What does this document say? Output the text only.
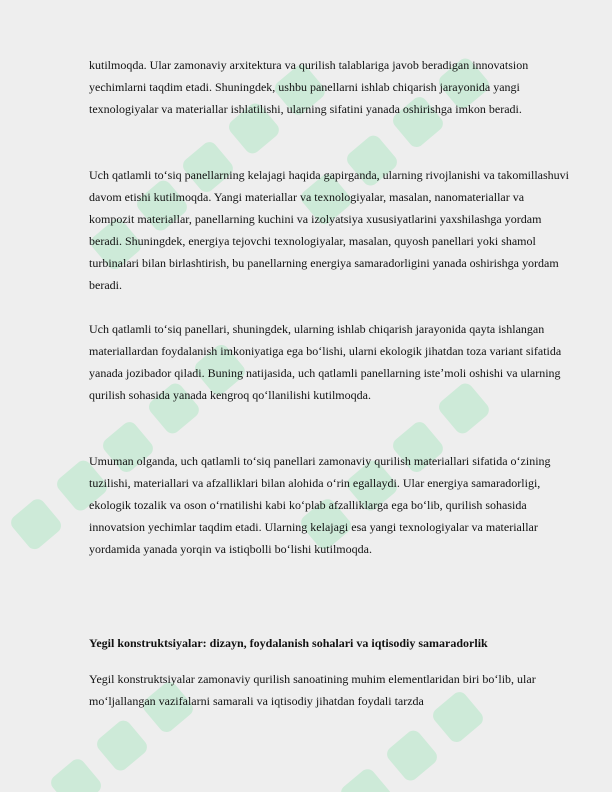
kutilmoqda. Ular zamonaviy arxitektura va qurilish talablariga javob beradigan innovatsion yechimlarni taqdim etadi. Shuningdek, ushbu panellarni ishlab chiqarish jarayonida yangi texnologiyalar va materiallar ishlatilishi, ularning sifatini yanada oshirishga imkon beradi.

Uch qatlamli toʻsiq panellarning kelajagi haqida gapirganda, ularning rivojlanishi va takomillashuvi davom etishi kutilmoqda. Yangi materiallar va texnologiyalar, masalan, nanomateriallar va kompozit materiallar, panellarning kuchini va izolyatsiya xususiyatlarini yaxshilashga yordam beradi. Shuningdek, energiya tejovchi texnologiyalar, masalan, quyosh panellari yoki shamol turbinalari bilan birlashtirish, bu panellarning energiya samaradorligini yanada oshirishga yordam beradi.

Uch qatlamli toʻsiq panellari, shuningdek, ularning ishlab chiqarish jarayonida qayta ishlangan materiallardan foydalanish imkoniyatiga ega boʻlishi, ularni ekologik jihatdan toza variant sifatida yanada jozibador qiladi. Buning natijasida, uch qatlamli panellarning isteʼmoli oshishi va ularning qurilish sohasida yanada kengroq qoʻllanilishi kutilmoqda.

Umuman olganda, uch qatlamli toʻsiq panellari zamonaviy qurilish materiallari sifatida oʻzining tuzilishi, materiallari va afzalliklari bilan alohida oʻrin egallaydi. Ular energiya samaradorligi, ekologik tozalik va oson oʻrnatilishi kabi koʻplab afzalliklarga ega boʻlib, qurilish sohasida innovatsion yechimlar taqdim etadi. Ularning kelajagi esa yangi texnologiyalar va materiallar yordamida yanada yorqin va istiqbolli boʻlishi kutilmoqda.

Yegil konstruktsiyalar: dizayn, foydalanish sohalari va iqtisodiy samaradorlik

Yegil konstruktsiyalar zamonaviy qurilish sanoatining muhim elementlaridan biri boʻlib, ular moʻljallangan vazifalarni samarali va iqtisodiy jihatdan foydali tarzda
